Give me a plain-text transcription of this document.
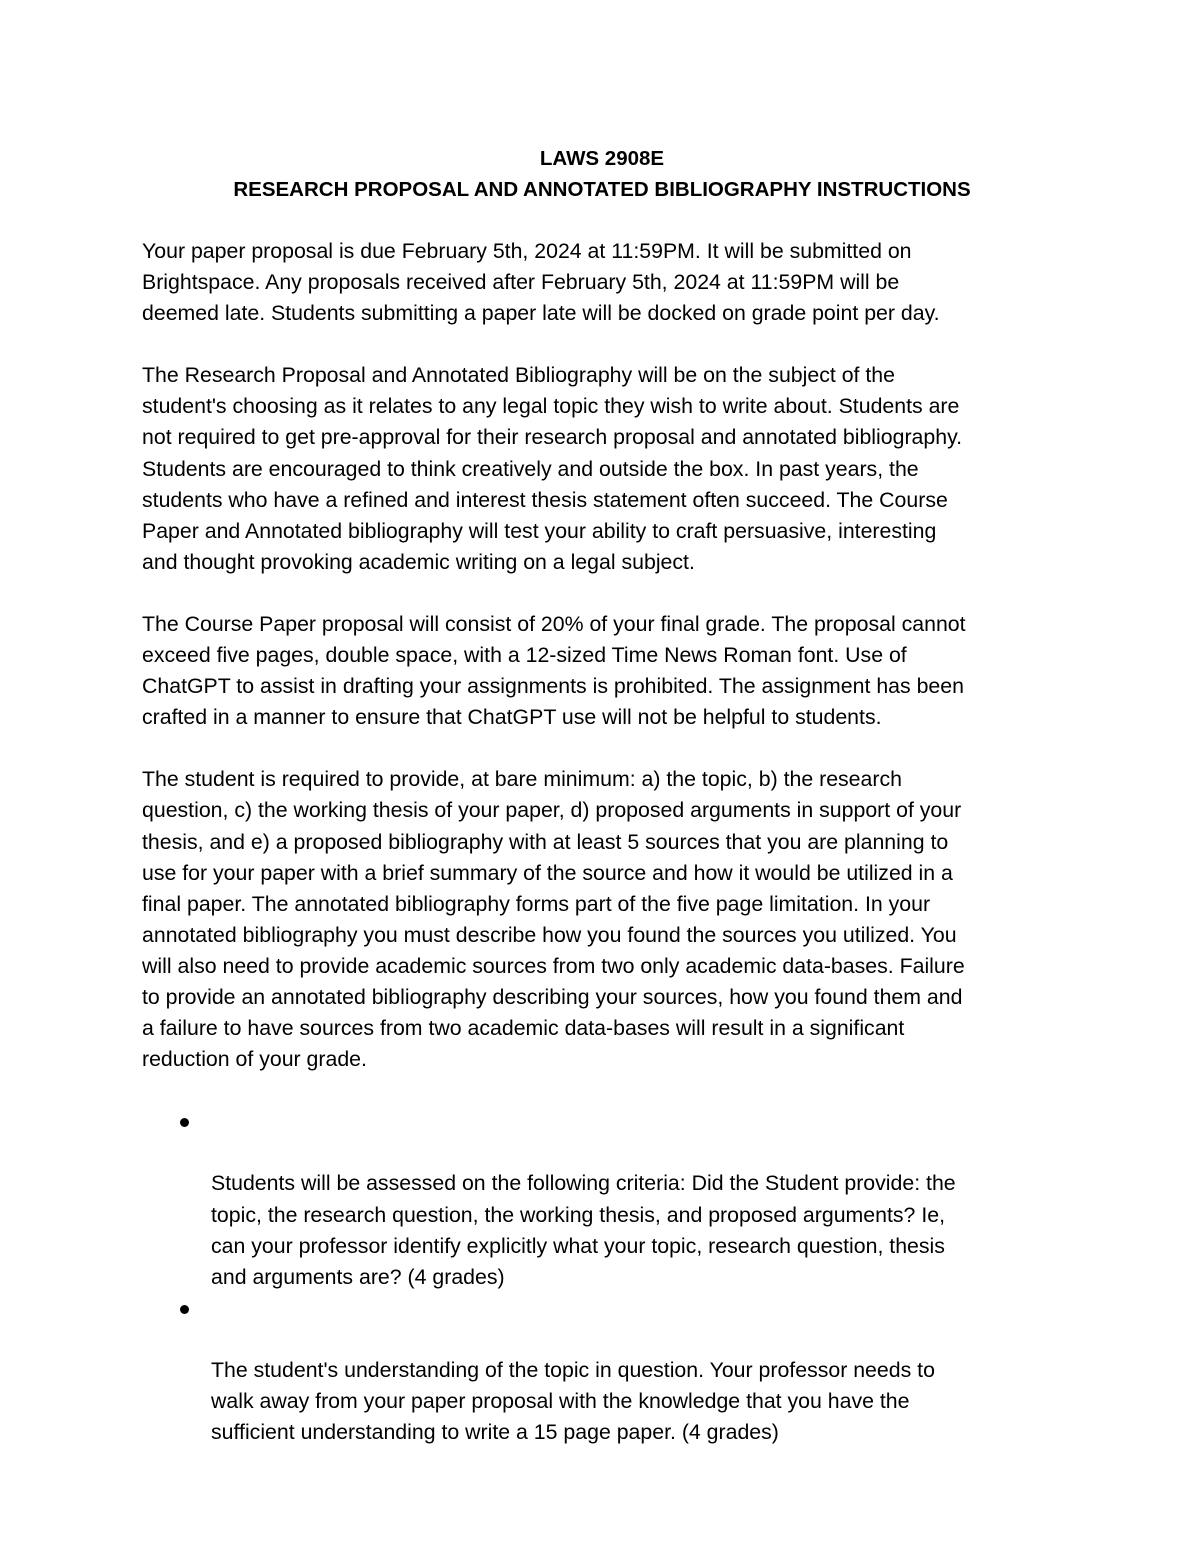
LAWS 2908E
RESEARCH PROPOSAL AND ANNOTATED BIBLIOGRAPHY INSTRUCTIONS

Your paper proposal is due February 5th, 2024 at 11:59PM. It will be submitted on
Brightspace. Any proposals received after February 5th, 2024 at 11:59PM will be
deemed late. Students submitting a paper late will be docked on grade point per day.

The Research Proposal and Annotated Bibliography will be on the subject of the
student's choosing as it relates to any legal topic they wish to write about. Students are
not required to get pre-approval for their research proposal and annotated bibliography.
Students are encouraged to think creatively and outside the box. In past years, the
students who have a refined and interest thesis statement often succeed. The Course
Paper and Annotated bibliography will test your ability to craft persuasive, interesting
and thought provoking academic writing on a legal subject.

The Course Paper proposal will consist of 20% of your final grade. The proposal cannot
exceed five pages, double space, with a 12-sized Time News Roman font. Use of
ChatGPT to assist in drafting your assignments is prohibited. The assignment has been
crafted in a manner to ensure that ChatGPT use will not be helpful to students.

The student is required to provide, at bare minimum: a) the topic, b) the research
question, c) the working thesis of your paper, d) proposed arguments in support of your
thesis, and e) a proposed bibliography with at least 5 sources that you are planning to
use for your paper with a brief summary of the source and how it would be utilized in a
final paper. The annotated bibliography forms part of the five page limitation. In your
annotated bibliography you must describe how you found the sources you utilized. You
will also need to provide academic sources from two only academic data-bases. Failure
to provide an annotated bibliography describing your sources, how you found them and
a failure to have sources from two academic data-bases will result in a significant
reduction of your grade.

Students will be assessed on the following criteria: Did the Student provide: the
topic, the research question, the working thesis, and proposed arguments? Ie,
can your professor identify explicitly what your topic, research question, thesis
and arguments are? (4 grades)

The student's understanding of the topic in question. Your professor needs to
walk away from your paper proposal with the knowledge that you have the
sufficient understanding to write a 15 page paper. (4 grades)
